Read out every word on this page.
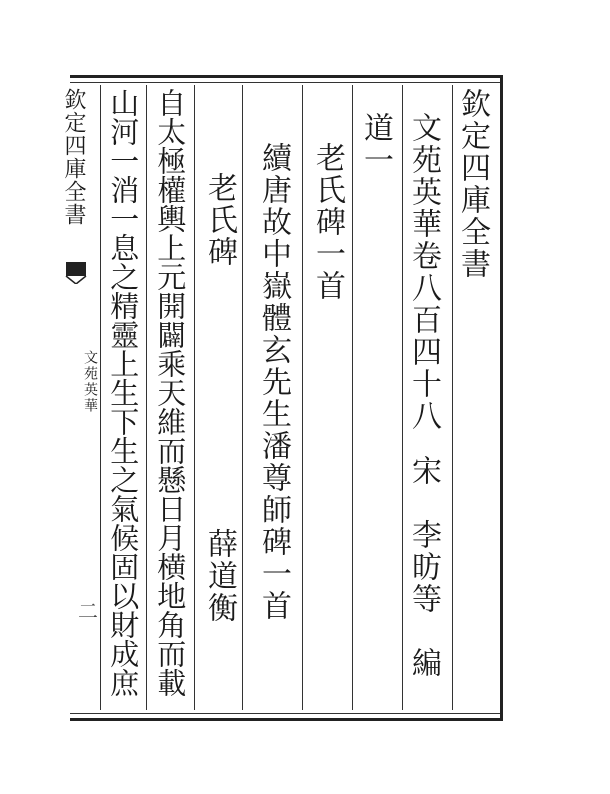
欽定四庫全書
文苑英華
二
欽定四庫全書
文苑英華卷八百四十八
宋　李昉等　編
道一
老氏碑一首
續唐故中嶽體玄先生潘尊師碑一首
老氏碑
薛道衡
自太極權輿上元開闢乘天維而懸日月横地角而載
山河一消一息之精靈上生下生之氣候固以財成庶
